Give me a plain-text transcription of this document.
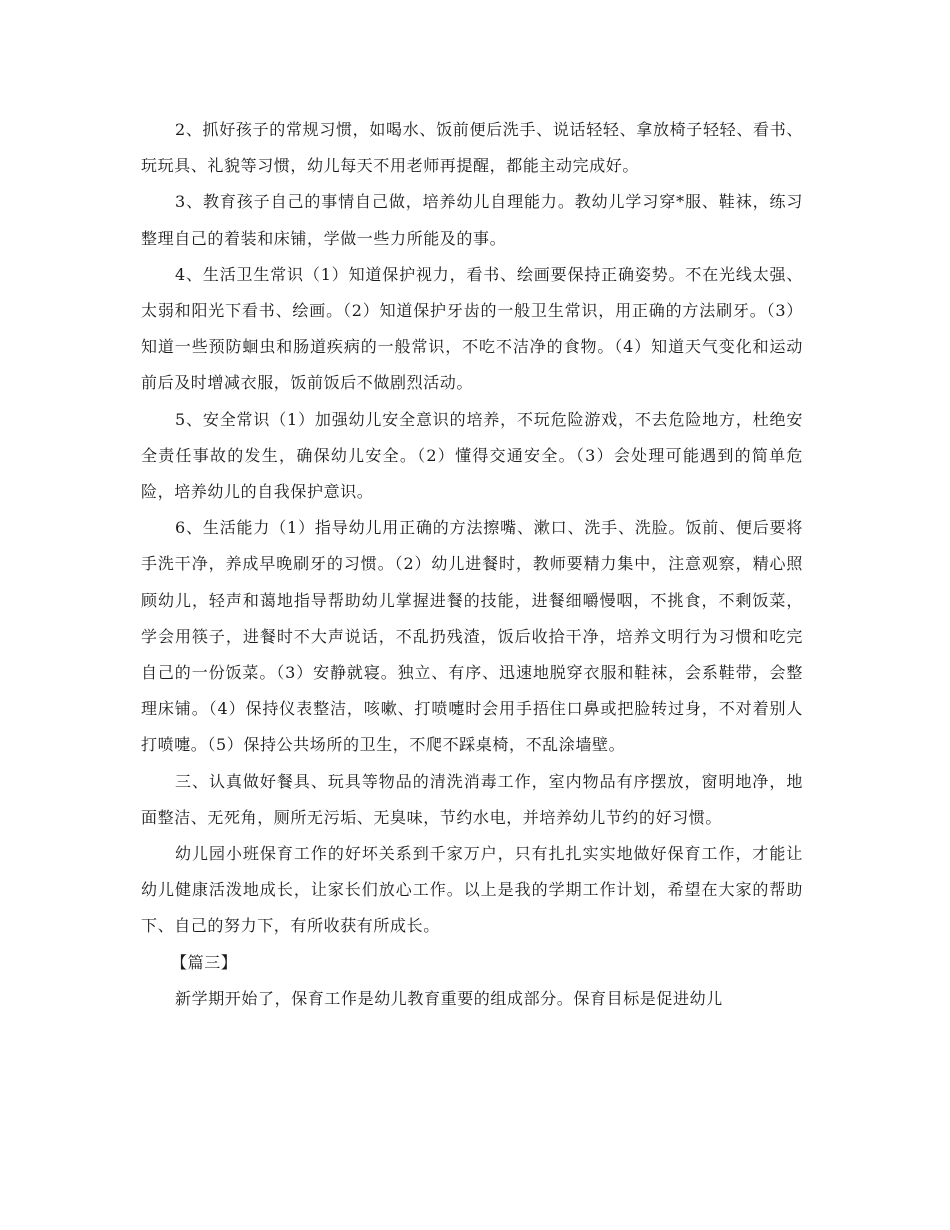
2、抓好孩子的常规习惯，如喝水、饭前便后洗手、说话轻轻、拿放椅子轻轻、看书、玩玩具、礼貌等习惯，幼儿每天不用老师再提醒，都能主动完成好。

3、教育孩子自己的事情自己做，培养幼儿自理能力。教幼儿学习穿*服、鞋袜，练习整理自己的着装和床铺，学做一些力所能及的事。

4、生活卫生常识（1）知道保护视力，看书、绘画要保持正确姿势。不在光线太强、太弱和阳光下看书、绘画。（2）知道保护牙齿的一般卫生常识，用正确的方法刷牙。（3）知道一些预防蛔虫和肠道疾病的一般常识，不吃不洁净的食物。（4）知道天气变化和运动前后及时增减衣服，饭前饭后不做剧烈活动。

5、安全常识（1）加强幼儿安全意识的培养，不玩危险游戏，不去危险地方，杜绝安全责任事故的发生，确保幼儿安全。（2）懂得交通安全。（3）会处理可能遇到的简单危险，培养幼儿的自我保护意识。

6、生活能力（1）指导幼儿用正确的方法擦嘴、漱口、洗手、洗脸。饭前、便后要将手洗干净，养成早晚刷牙的习惯。（2）幼儿进餐时，教师要精力集中，注意观察，精心照顾幼儿，轻声和蔼地指导帮助幼儿掌握进餐的技能，进餐细嚼慢咽，不挑食，不剩饭菜，学会用筷子，进餐时不大声说话，不乱扔残渣，饭后收拾干净，培养文明行为习惯和吃完自己的一份饭菜。（3）安静就寝。独立、有序、迅速地脱穿衣服和鞋袜，会系鞋带，会整理床铺。（4）保持仪表整洁，咳嗽、打喷嚏时会用手捂住口鼻或把脸转过身，不对着别人打喷嚏。（5）保持公共场所的卫生，不爬不踩桌椅，不乱涂墙壁。

三、认真做好餐具、玩具等物品的清洗消毒工作，室内物品有序摆放，窗明地净，地面整洁、无死角，厕所无污垢、无臭味，节约水电，并培养幼儿节约的好习惯。

幼儿园小班保育工作的好坏关系到千家万户，只有扎扎实实地做好保育工作，才能让幼儿健康活泼地成长，让家长们放心工作。以上是我的学期工作计划，希望在大家的帮助下、自己的努力下，有所收获有所成长。

【篇三】

新学期开始了，保育工作是幼儿教育重要的组成部分。保育目标是促进幼儿
